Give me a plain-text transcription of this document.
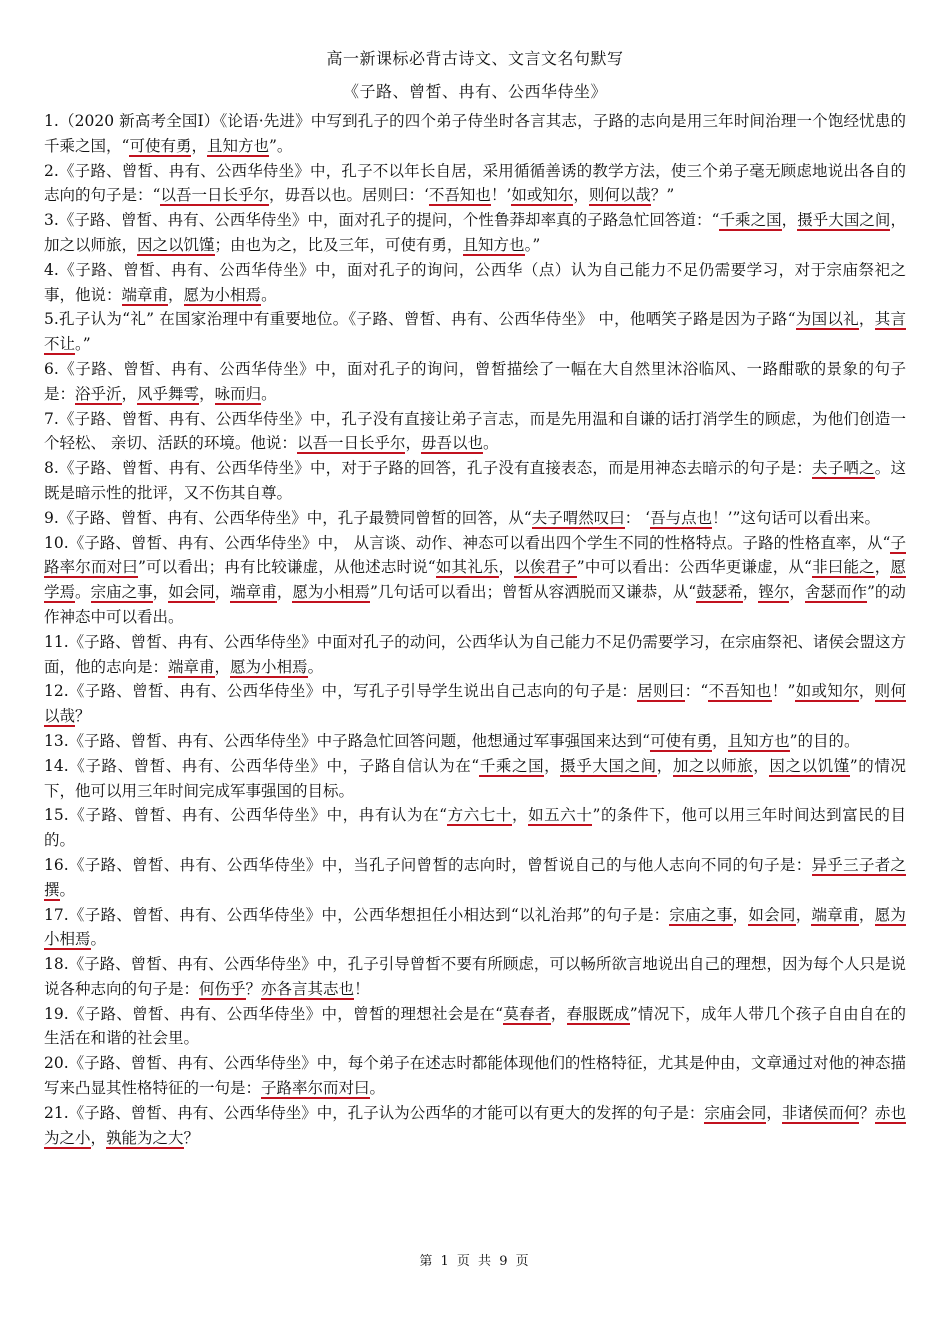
高一新课标必背古诗文、文言文名句默写
《子路、曾皙、冉有、公西华侍坐》

1.（2020 新高考全国Ⅰ）《论语·先进》中写到孔子的四个弟子侍坐时各言其志，子路的志向是用三年时间治理一个饱经忧患的千乘之国，“可使有勇，且知方也”。

2.《子路、曾皙、冉有、公西华侍坐》中，孔子不以年长自居，采用循循善诱的教学方法，使三个弟子毫无顾虑地说出各自的志向的句子是：“以吾一日长乎尔，毋吾以也。居则曰：‘不吾知也！’如或知尔，则何以哉？”

3.《子路、曾皙、冉有、公西华侍坐》中，面对孔子的提问，个性鲁莽却率真的子路急忙回答道：“千乘之国，摄乎大国之间，加之以师旅，因之以饥馑；由也为之，比及三年，可使有勇，且知方也。”

4.《子路、曾皙、冉有、公西华侍坐》中，面对孔子的询问，公西华（点）认为自己能力不足仍需要学习，对于宗庙祭祀之事，他说：端章甫，愿为小相焉。

5.孔子认为“礼” 在国家治理中有重要地位。《子路、曾皙、冉有、公西华侍坐》 中，他哂笑子路是因为子路“为国以礼，其言不让。”

6.《子路、曾皙、冉有、公西华侍坐》中，面对孔子的询问，曾皙描绘了一幅在大自然里沐浴临风、一路酣歌的景象的句子是：浴乎沂，风乎舞雩，咏而归。

7.《子路、曾皙、冉有、公西华侍坐》中，孔子没有直接让弟子言志，而是先用温和自谦的话打消学生的顾虑，为他们创造一个轻松、 亲切、活跃的环境。他说：以吾一日长乎尔，毋吾以也。

8.《子路、曾皙、冉有、公西华侍坐》中，对于子路的回答，孔子没有直接表态，而是用神态去暗示的句子是：夫子哂之。这既是暗示性的批评，又不伤其自尊。

9.《子路、曾皙、冉有、公西华侍坐》中，孔子最赞同曾皙的回答，从“夫子喟然叹曰： ‘吾与点也！’”这句话可以看出来。

10.《子路、曾皙、冉有、公西华侍坐》中， 从言谈、动作、神态可以看出四个学生不同的性格特点。子路的性格直率，从“子路率尔而对曰”可以看出；冉有比较谦虚，从他述志时说“如其礼乐，以俟君子”中可以看出：公西华更谦虚，从“非曰能之，愿学焉。宗庙之事，如会同，端章甫，愿为小相焉”几句话可以看出；曾皙从容洒脱而又谦恭，从“鼓瑟希，铿尔，舍瑟而作”的动作神态中可以看出。

11.《子路、曾皙、冉有、公西华侍坐》中面对孔子的动问，公西华认为自己能力不足仍需要学习，在宗庙祭祀、诸侯会盟这方面，他的志向是：端章甫，愿为小相焉。

12.《子路、曾皙、冉有、公西华侍坐》中，写孔子引导学生说出自己志向的句子是：居则曰：“不吾知也！”如或知尔，则何以哉？

13.《子路、曾皙、冉有、公西华侍坐》中子路急忙回答问题，他想通过军事强国来达到“可使有勇，且知方也”的目的。

14.《子路、曾皙、冉有、公西华侍坐》中，子路自信认为在“千乘之国，摄乎大国之间，加之以师旅，因之以饥馑”的情况下，他可以用三年时间完成军事强国的目标。

15.《子路、曾皙、冉有、公西华侍坐》中，冉有认为在“方六七十，如五六十”的条件下，他可以用三年时间达到富民的目的。

16.《子路、曾皙、冉有、公西华侍坐》中，当孔子问曾皙的志向时，曾皙说自己的与他人志向不同的句子是：异乎三子者之撰。

17.《子路、曾皙、冉有、公西华侍坐》中，公西华想担任小相达到“以礼治邦”的句子是：宗庙之事，如会同，端章甫，愿为小相焉。

18.《子路、曾皙、冉有、公西华侍坐》中，孔子引导曾皙不要有所顾虑，可以畅所欲言地说出自己的理想，因为每个人只是说说各种志向的句子是：何伤乎？亦各言其志也！

19.《子路、曾皙、冉有、公西华侍坐》中，曾皙的理想社会是在“莫春者，春服既成”情况下，成年人带几个孩子自由自在的生活在和谐的社会里。

20.《子路、曾皙、冉有、公西华侍坐》中，每个弟子在述志时都能体现他们的性格特征，尤其是仲由，文章通过对他的神态描写来凸显其性格特征的一句是：子路率尔而对曰。

21.《子路、曾皙、冉有、公西华侍坐》中，孔子认为公西华的才能可以有更大的发挥的句子是：宗庙会同，非诸侯而何？赤也为之小，孰能为之大？

第 1 页 共 9 页
